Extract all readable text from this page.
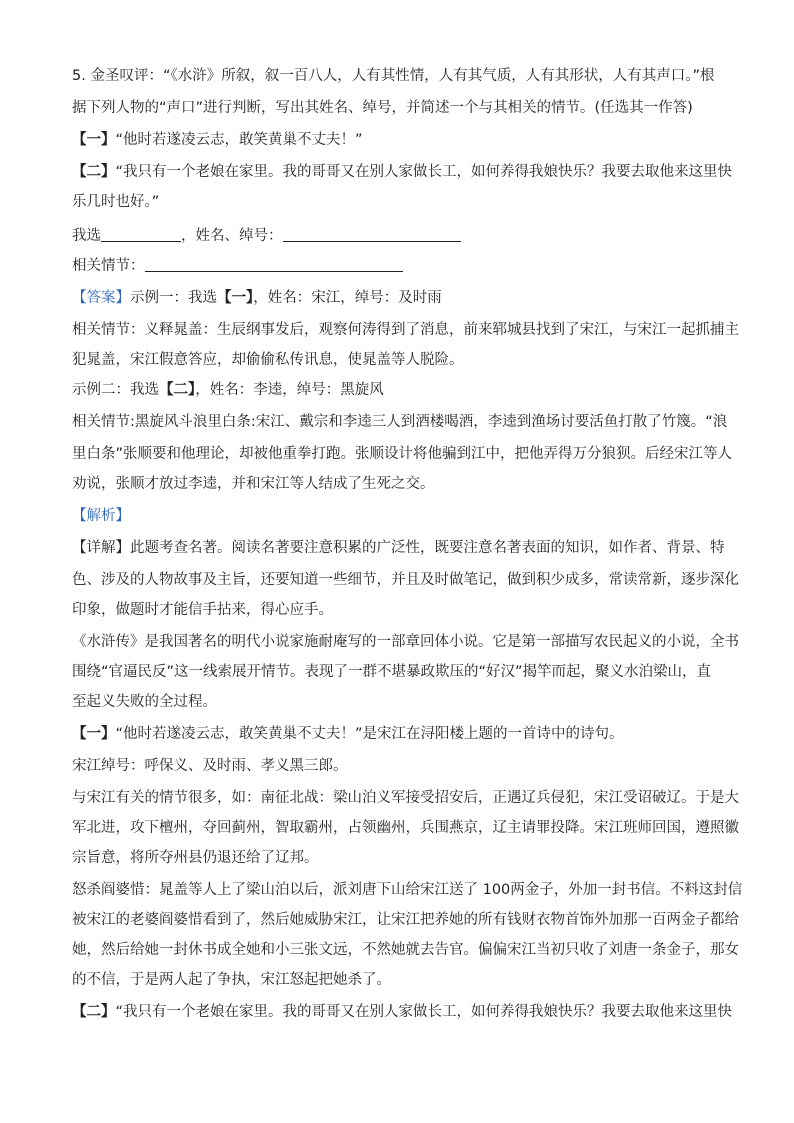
5. 金圣叹评：“《水浒》所叙，叙一百八人，人有其性情，人有其气质，人有其形状，人有其声口。”根
据下列人物的“声口”进行判断，写出其姓名、绰号，并简述一个与其相关的情节。(任选其一作答)
【一】“他时若遂凌云志，敢笑黄巢不丈夫！”
【二】“我只有一个老娘在家里。我的哥哥又在别人家做长工，如何养得我娘快乐？我要去取他来这里快
乐几时也好。”
我选	，姓名、绰号：
相关情节：
【答案】示例一：我选【一】，姓名：宋江，绰号：及时雨
相关情节：义释晁盖：生辰纲事发后，观察何涛得到了消息，前来郓城县找到了宋江，与宋江一起抓捕主
犯晁盖，宋江假意答应，却偷偷私传讯息，使晁盖等人脱险。
示例二：我选【二】，姓名：李逵，绰号：黑旋风
相关情节:黑旋风斗浪里白条:宋江、戴宗和李逵三人到酒楼喝酒，李逵到渔场讨要活鱼打散了竹篾。“浪
里白条”张顺要和他理论，却被他重拳打跑。张顺设计将他骗到江中，把他弄得万分狼狈。后经宋江等人
劝说，张顺才放过李逵，并和宋江等人结成了生死之交。
【解析】
【详解】此题考查名著。阅读名著要注意积累的广泛性，既要注意名著表面的知识，如作者、背景、特
色、涉及的人物故事及主旨，还要知道一些细节，并且及时做笔记，做到积少成多，常读常新，逐步深化
印象，做题时才能信手拈来，得心应手。
《水浒传》是我国著名的明代小说家施耐庵写的一部章回体小说。它是第一部描写农民起义的小说，全书
围绕“官逼民反”这一线索展开情节。表现了一群不堪暴政欺压的“好汉”揭竿而起，聚义水泊梁山，直
至起义失败的全过程。
【一】“他时若遂凌云志，敢笑黄巢不丈夫！”是宋江在浔阳楼上题的一首诗中的诗句。
宋江绰号：呼保义、及时雨、孝义黑三郎。
与宋江有关的情节很多，如：南征北战：梁山泊义军接受招安后，正遇辽兵侵犯，宋江受诏破辽。于是大
军北进，攻下檀州，夺回蓟州，智取霸州，占领幽州，兵围燕京，辽主请罪投降。宋江班师回国，遵照徽
宗旨意，将所夺州县仍退还给了辽邦。
怒杀阎婆惜：晁盖等人上了梁山泊以后，派刘唐下山给宋江送了 100两金子，外加一封书信。不料这封信
被宋江的老婆阎婆惜看到了，然后她威胁宋江，让宋江把养她的所有钱财衣物首饰外加那一百两金子都给
她，然后给她一封休书成全她和小三张文远，不然她就去告官。偏偏宋江当初只收了刘唐一条金子，那女
的不信，于是两人起了争执，宋江怒起把她杀了。
【二】“我只有一个老娘在家里。我的哥哥又在别人家做长工，如何养得我娘快乐？我要去取他来这里快
